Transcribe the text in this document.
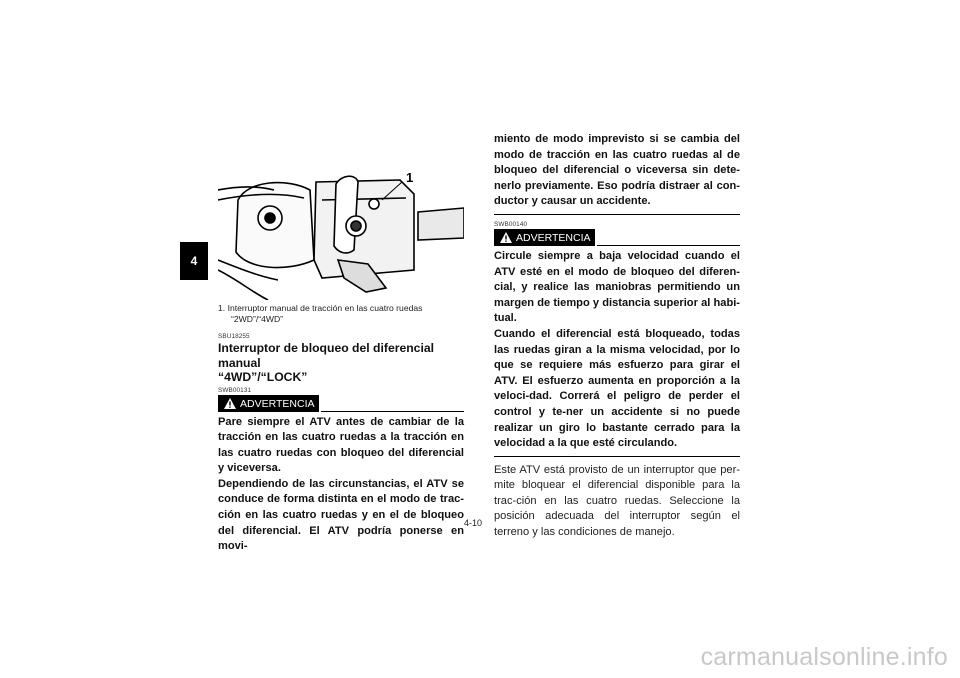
4
1
1. Interruptor manual de tracción en las cuatro ruedas
“2WD”/“4WD”
SBU18255
Interruptor de bloqueo del diferencial manual
“4WD”/“LOCK”
SWB00131
ADVERTENCIA

Pare siempre el ATV antes de cambiar de la tracción en las cuatro ruedas a la tracción en las cuatro ruedas con bloqueo del diferencial y viceversa.

Dependiendo de las circunstancias, el ATV se conduce de forma distinta en el modo de trac-ción en las cuatro ruedas y en el de bloqueo del diferencial. El ATV podría ponerse en movi-

miento de modo imprevisto si se cambia del modo de tracción en las cuatro ruedas al de bloqueo del diferencial o viceversa sin dete-nerlo previamente. Eso podría distraer al con-ductor y causar un accidente.

SWB00140
ADVERTENCIA

Circule siempre a baja velocidad cuando el ATV esté en el modo de bloqueo del diferen-cial, y realice las maniobras permitiendo un margen de tiempo y distancia superior al habi-tual.

Cuando el diferencial está bloqueado, todas las ruedas giran a la misma velocidad, por lo que se requiere más esfuerzo para girar el ATV. El esfuerzo aumenta en proporción a la veloci-dad. Correrá el peligro de perder el control y te-ner un accidente si no puede realizar un giro lo bastante cerrado para la velocidad a la que esté circulando.

Este ATV está provisto de un interruptor que per-mite bloquear el diferencial disponible para la trac-ción en las cuatro ruedas. Seleccione la posición adecuada del interruptor según el terreno y las condiciones de manejo.

4-10
carmanualsonline.info
